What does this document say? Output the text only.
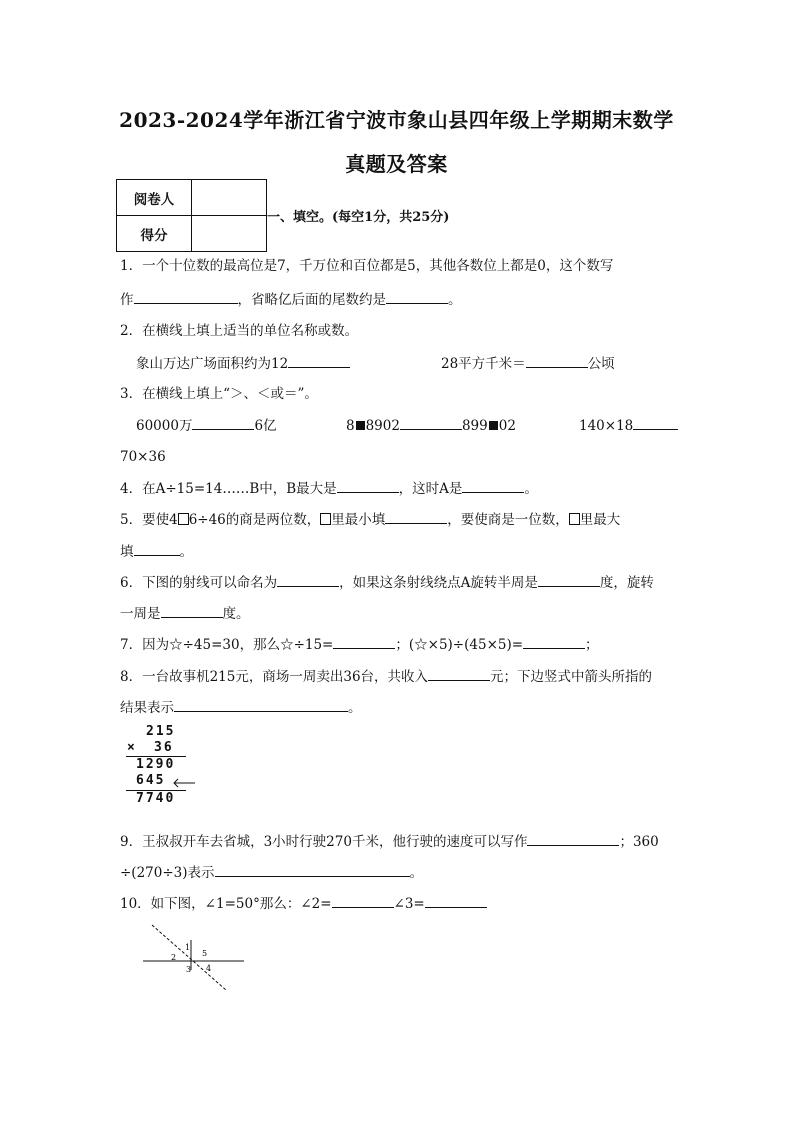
2023-2024学年浙江省宁波市象山县四年级上学期期末数学
真题及答案
阅卷人	
得分	
一、填空。(每空1分，共25分)
1．一个十位数的最高位是7，千万位和百位都是5，其他各数位上都是0，这个数写
作	，省略亿后面的尾数约是	。
2．在横线上填上适当的单位名称或数。
象山万达广场面积约为12	28平方千米＝	公顷
3．在横线上填上“＞、＜或＝”。
60000万	6亿	8 8902	899 02	140×18
70×36
4．在A÷15=14……B中，B最大是	，这时A是	。
5．要使4 6÷46的商是两位数， 里最小填	，要使商是一位数， 里最大
填	。
6．下图的射线可以命名为	，如果这条射线绕点A旋转半周是	度，旋转
一周是	度。
7．因为☆÷45=30，那么☆÷15=	；(☆×5)÷(45×5)=	；
8．一台故事机215元，商场一周卖出36台，共收入	元；下边竖式中箭头所指的
结果表示	。
215
× 36
1290
645
7740
9．王叔叔开车去省城，3小时行驶270千米，他行驶的速度可以写作	；360
÷(270÷3)表示	。
10．如下图，∠1=50°那么：∠2=	∠3=
1
2
3 4
5
